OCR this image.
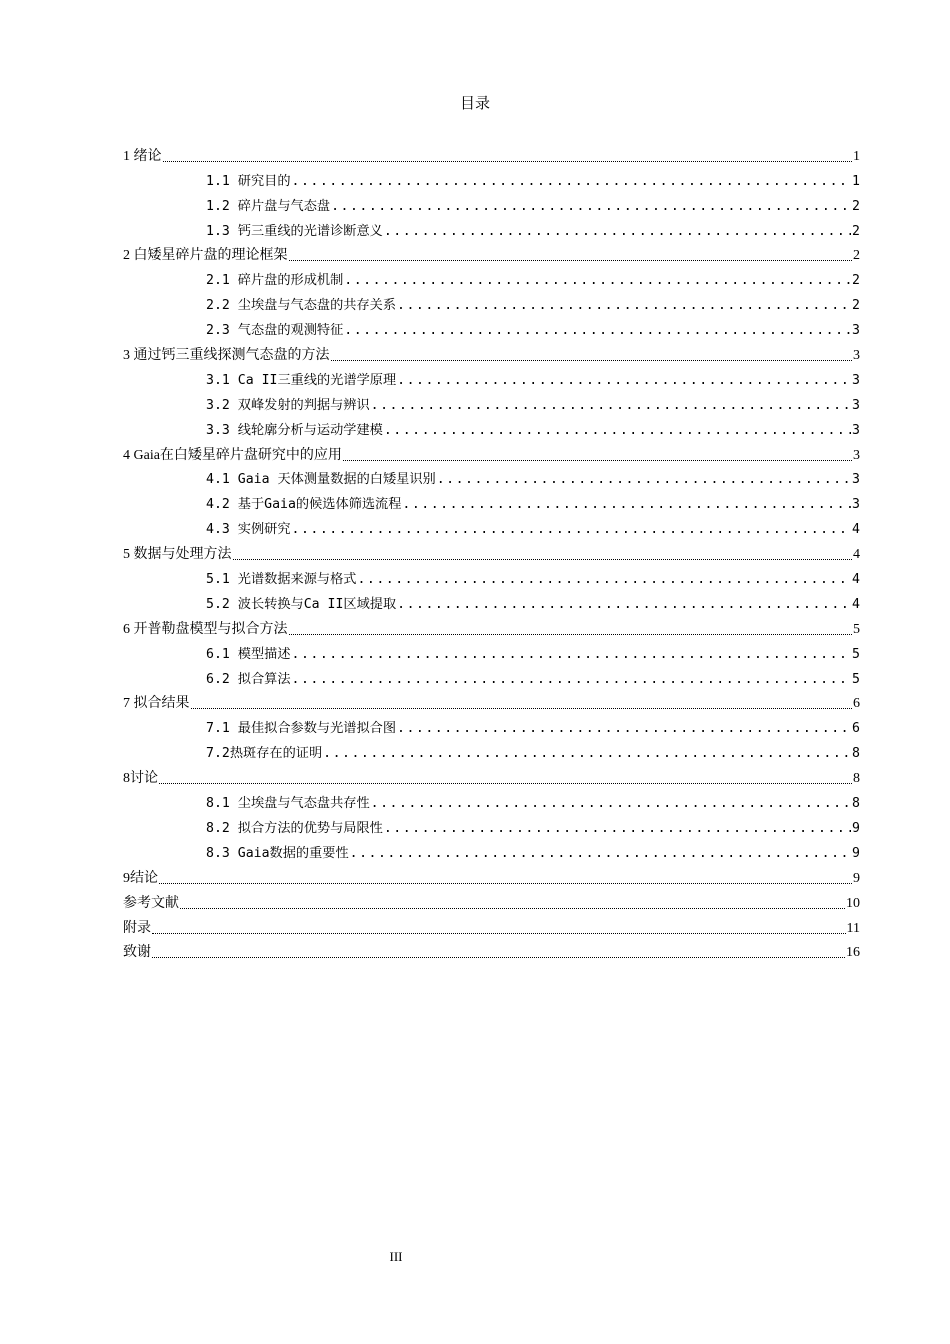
目录
1 绪论	1
1.1 研究目的 .....	1
1.2 碎片盘与气态盘 .....	2
1.3 钙三重线的光谱诊断意义 .....	2
2 白矮星碎片盘的理论框架	2
2.1 碎片盘的形成机制 .....	2
2.2 尘埃盘与气态盘的共存关系 .....	2
2.3 气态盘的观测特征 .....	3
3 通过钙三重线探测气态盘的方法	3
3.1 Ca II三重线的光谱学原理 .....	3
3.2 双峰发射的判据与辨识 .....	3
3.3 线轮廓分析与运动学建模 .....	3
4 Gaia在白矮星碎片盘研究中的应用	3
4.1 Gaia 天体测量数据的白矮星识别 .....	3
4.2 基于Gaia的候选体筛选流程 .....	3
4.3 实例研究 .....	4
5 数据与处理方法	4
5.1 光谱数据来源与格式 .....	4
5.2 波长转换与Ca II区域提取 .....	4
6 开普勒盘模型与拟合方法	5
6.1 模型描述 .....	5
6.2 拟合算法 .....	5
7 拟合结果	6
7.1 最佳拟合参数与光谱拟合图 .....	6
7.2热斑存在的证明 .....	8
8讨论	8
8.1 尘埃盘与气态盘共存性 .....	8
8.2 拟合方法的优势与局限性 .....	9
8.3 Gaia数据的重要性 .....	9
9结论	9
参考文献	10
附录	11
致谢	16
III
